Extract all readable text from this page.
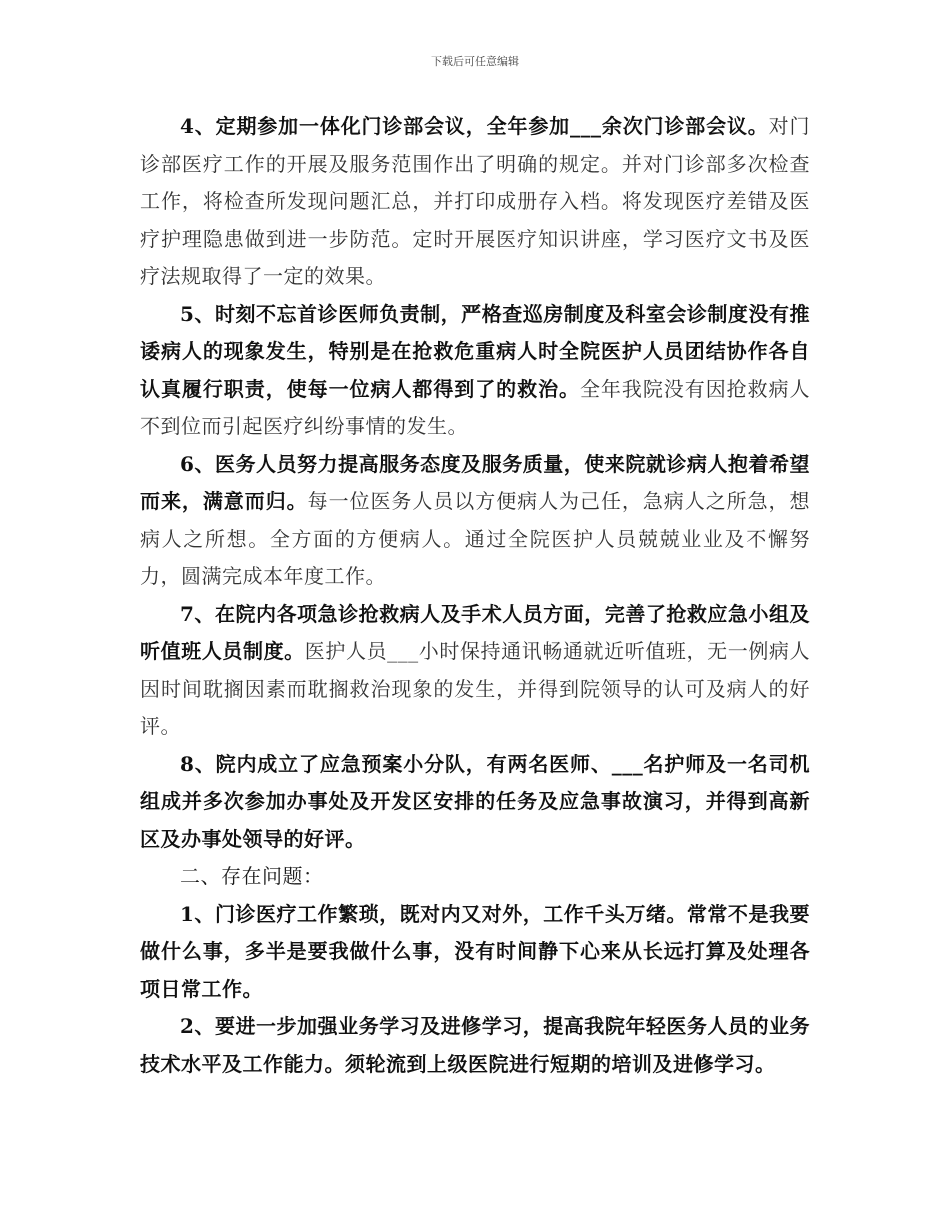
下载后可任意编辑

4、定期参加一体化门诊部会议，全年参加___余次门诊部会议。对门诊部医疗工作的开展及服务范围作出了明确的规定。并对门诊部多次检查工作，将检查所发现问题汇总，并打印成册存入档。将发现医疗差错及医疗护理隐患做到进一步防范。定时开展医疗知识讲座，学习医疗文书及医疗法规取得了一定的效果。

5、时刻不忘首诊医师负责制，严格查巡房制度及科室会诊制度没有推诿病人的现象发生，特别是在抢救危重病人时全院医护人员团结协作各自认真履行职责，使每一位病人都得到了的救治。全年我院没有因抢救病人不到位而引起医疗纠纷事情的发生。

6、医务人员努力提高服务态度及服务质量，使来院就诊病人抱着希望而来，满意而归。每一位医务人员以方便病人为己任，急病人之所急，想病人之所想。全方面的方便病人。通过全院医护人员兢兢业业及不懈努力，圆满完成本年度工作。

7、在院内各项急诊抢救病人及手术人员方面，完善了抢救应急小组及听值班人员制度。医护人员___小时保持通讯畅通就近听值班，无一例病人因时间耽搁因素而耽搁救治现象的发生，并得到院领导的认可及病人的好评。

8、院内成立了应急预案小分队，有两名医师、___名护师及一名司机组成并多次参加办事处及开发区安排的任务及应急事故演习，并得到高新区及办事处领导的好评。

二、存在问题：

1、门诊医疗工作繁琐，既对内又对外，工作千头万绪。常常不是我要做什么事，多半是要我做什么事，没有时间静下心来从长远打算及处理各项日常工作。

2、要进一步加强业务学习及进修学习，提高我院年轻医务人员的业务技术水平及工作能力。须轮流到上级医院进行短期的培训及进修学习。
